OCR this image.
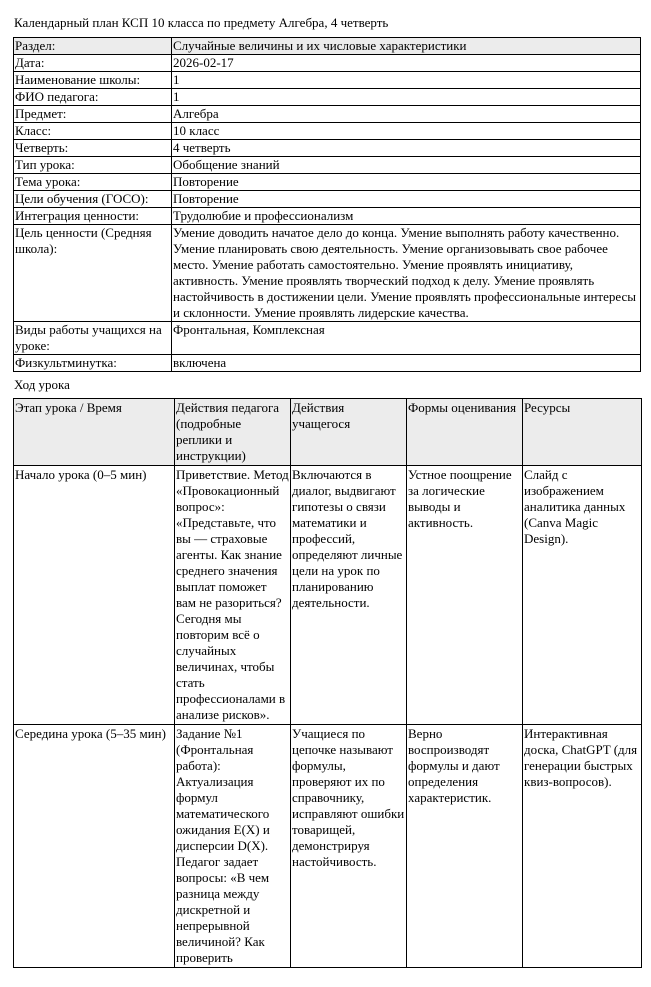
Календарный план КСП 10 класса по предмету Алгебра, 4 четверть
Раздел:	Случайные величины и их числовые характеристики
Дата:	2026-02-17
Наименование школы:	1
ФИО педагога:	1
Предмет:	Алгебра
Класс:	10 класс
Четверть:	4 четверть
Тип урока:	Обобщение знаний
Тема урока:	Повторение
Цели обучения (ГОСО):	Повторение
Интеграция ценности:	Трудолюбие и профессионализм
Цель ценности (Средняя школа):	Умение доводить начатое дело до конца. Умение выполнять работу качественно. Умение планировать свою деятельность. Умение организовывать свое рабочее место. Умение работать самостоятельно. Умение проявлять инициативу, активность. Умение проявлять творческий подход к делу. Умение проявлять настойчивость в достижении цели. Умение проявлять профессиональные интересы и склонности. Умение проявлять лидерские качества.
Виды работы учащихся на уроке:	Фронтальная, Комплексная
Физкультминутка:	включена
Ход урока
Этап урока / Время	Действия педагога (подробные реплики и инструкции)	Действия учащегося	Формы оценивания	Ресурсы
Начало урока (0–5 мин)	Приветствие. Метод «Провокационный вопрос»: «Представьте, что вы — страховые агенты. Как знание среднего значения выплат поможет вам не разориться? Сегодня мы повторим всё о случайных величинах, чтобы стать профессионалами в анализе рисков».	Включаются в диалог, выдвигают гипотезы о связи математики и профессий, определяют личные цели на урок по планированию деятельности.	Устное поощрение за логические выводы и активность.	Слайд с изображением аналитика данных (Canva Magic Design).
Середина урока (5–35 мин)	Задание №1 (Фронтальная работа): Актуализация формул математического ожидания E(X) и дисперсии D(X). Педагог задает вопросы: «В чем разница между дискретной и непрерывной величиной? Как проверить	Учащиеся по цепочке называют формулы, проверяют их по справочнику, исправляют ошибки товарищей, демонстрируя настойчивость.	Верно воспроизводят формулы и дают определения характеристик.	Интерактивная доска, ChatGPT (для генерации быстрых квиз-вопросов).
